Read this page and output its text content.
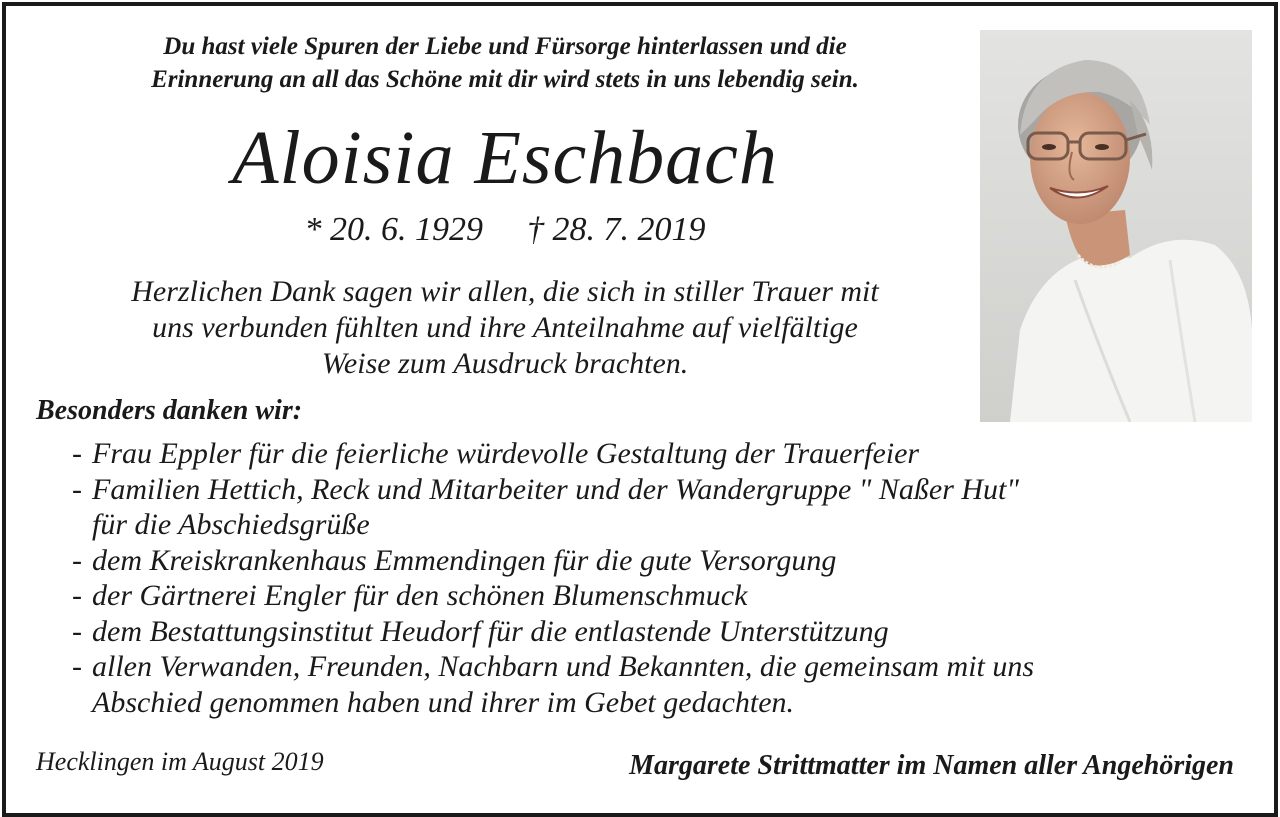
Du hast viele Spuren der Liebe und Fürsorge hinterlassen und die
Erinnerung an all das Schöne mit dir wird stets in uns lebendig sein.
Aloisia Eschbach
* 20. 6. 1929 † 28. 7. 2019
Herzlichen Dank sagen wir allen, die sich in stiller Trauer mit
uns verbunden fühlten und ihre Anteilnahme auf vielfältige
Weise zum Ausdruck brachten.
Besonders danken wir:
- Frau Eppler für die feierliche würdevolle Gestaltung der Trauerfeier
- Familien Hettich, Reck und Mitarbeiter und der Wandergruppe " Naßer Hut"
für die Abschiedsgrüße
- dem Kreiskrankenhaus Emmendingen für die gute Versorgung
- der Gärtnerei Engler für den schönen Blumenschmuck
- dem Bestattungsinstitut Heudorf für die entlastende Unterstützung
- allen Verwanden, Freunden, Nachbarn und Bekannten, die gemeinsam mit uns
Abschied genommen haben und ihrer im Gebet gedachten.
Hecklingen im August 2019	Margarete Strittmatter im Namen aller Angehörigen
